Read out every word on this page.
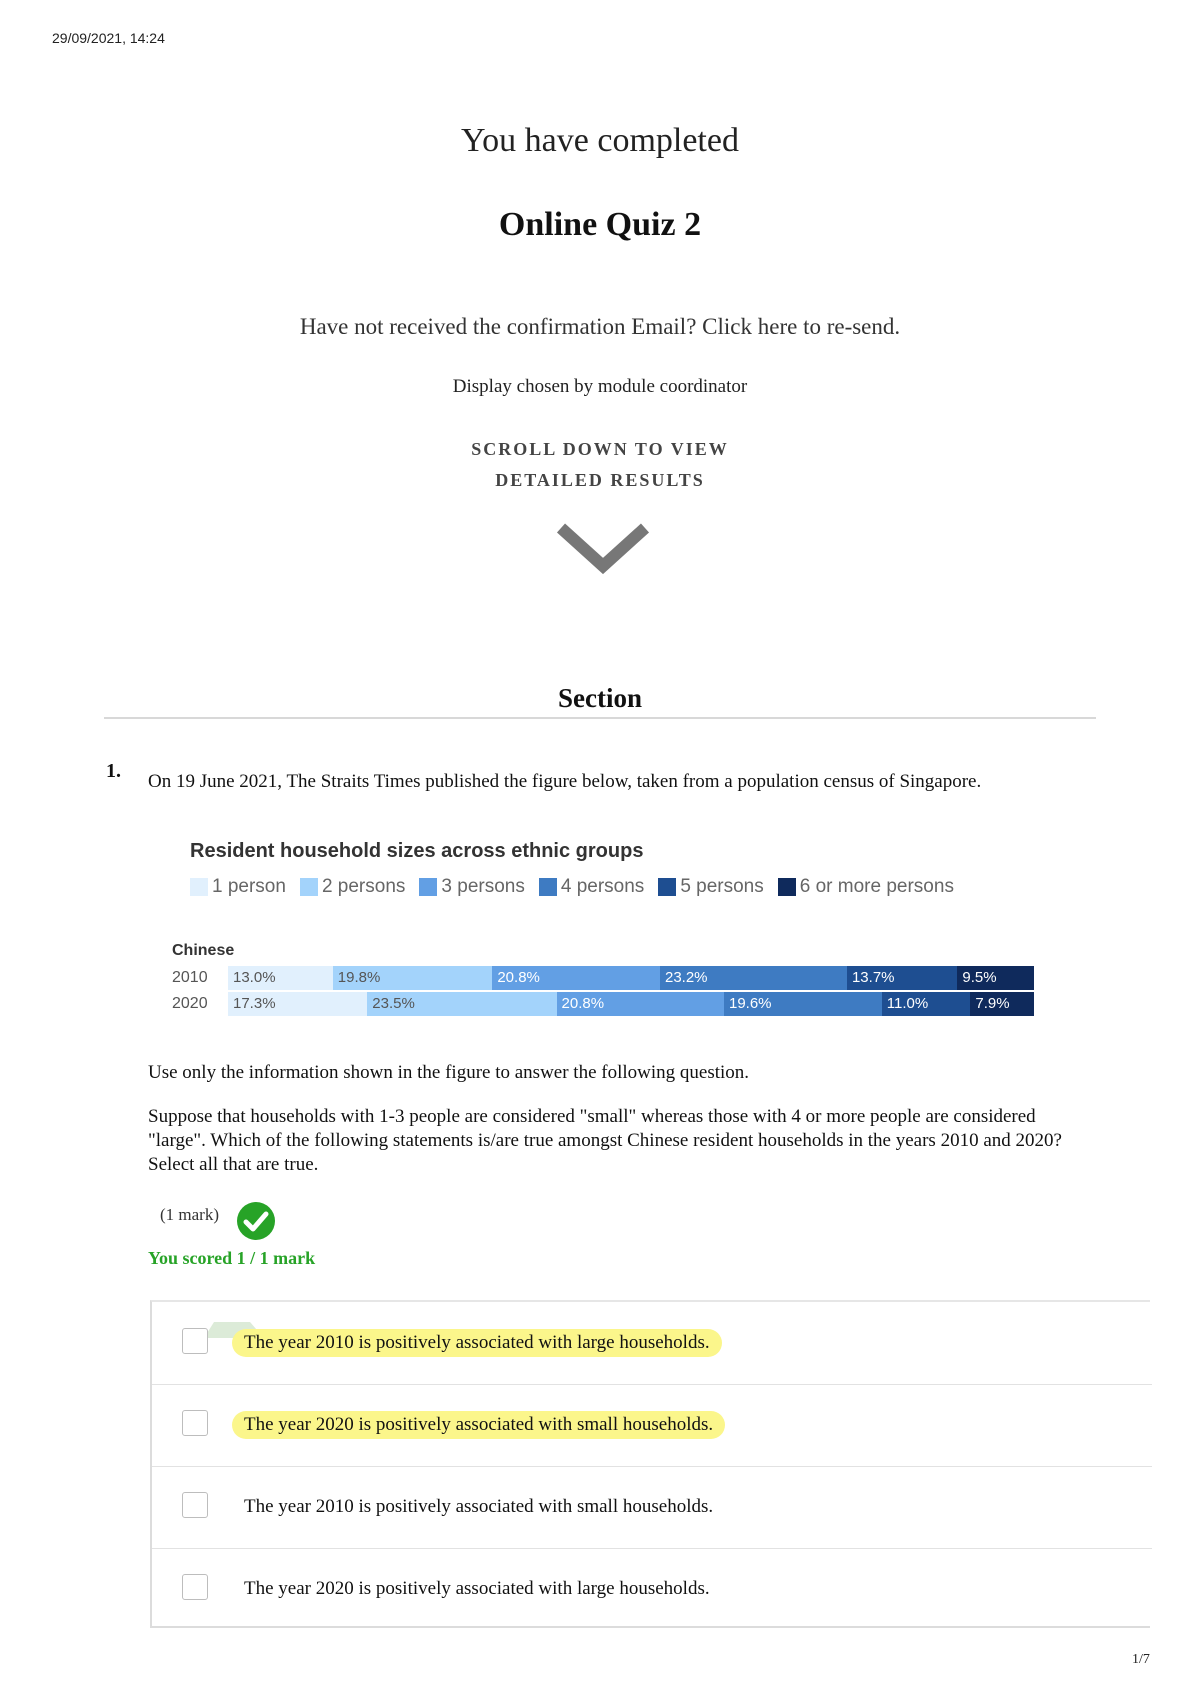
29/09/2021, 14:24
You have completed
Online Quiz 2
Have not received the confirmation Email? Click here to re-send.
Display chosen by module coordinator
SCROLL DOWN TO VIEW
DETAILED RESULTS
Section
1. On 19 June 2021, The Straits Times published the figure below, taken from a population census of Singapore.
Resident household sizes across ethnic groups
1 person 2 persons 3 persons 4 persons 5 persons 6 or more persons
Chinese
2010	13.0%	19.8%	20.8%	23.2%	13.7%	9.5%
2020	17.3%	23.5%	20.8%	19.6%	11.0%	7.9%
Use only the information shown in the figure to answer the following question.
Suppose that households with 1-3 people are considered "small" whereas those with 4 or more people are considered "large". Which of the following statements is/are true amongst Chinese resident households in the years 2010 and 2020? Select all that are true.
(1 mark)
You scored 1 / 1 mark
The year 2010 is positively associated with large households.
The year 2020 is positively associated with small households.
The year 2010 is positively associated with small households.
The year 2020 is positively associated with large households.
1/7
